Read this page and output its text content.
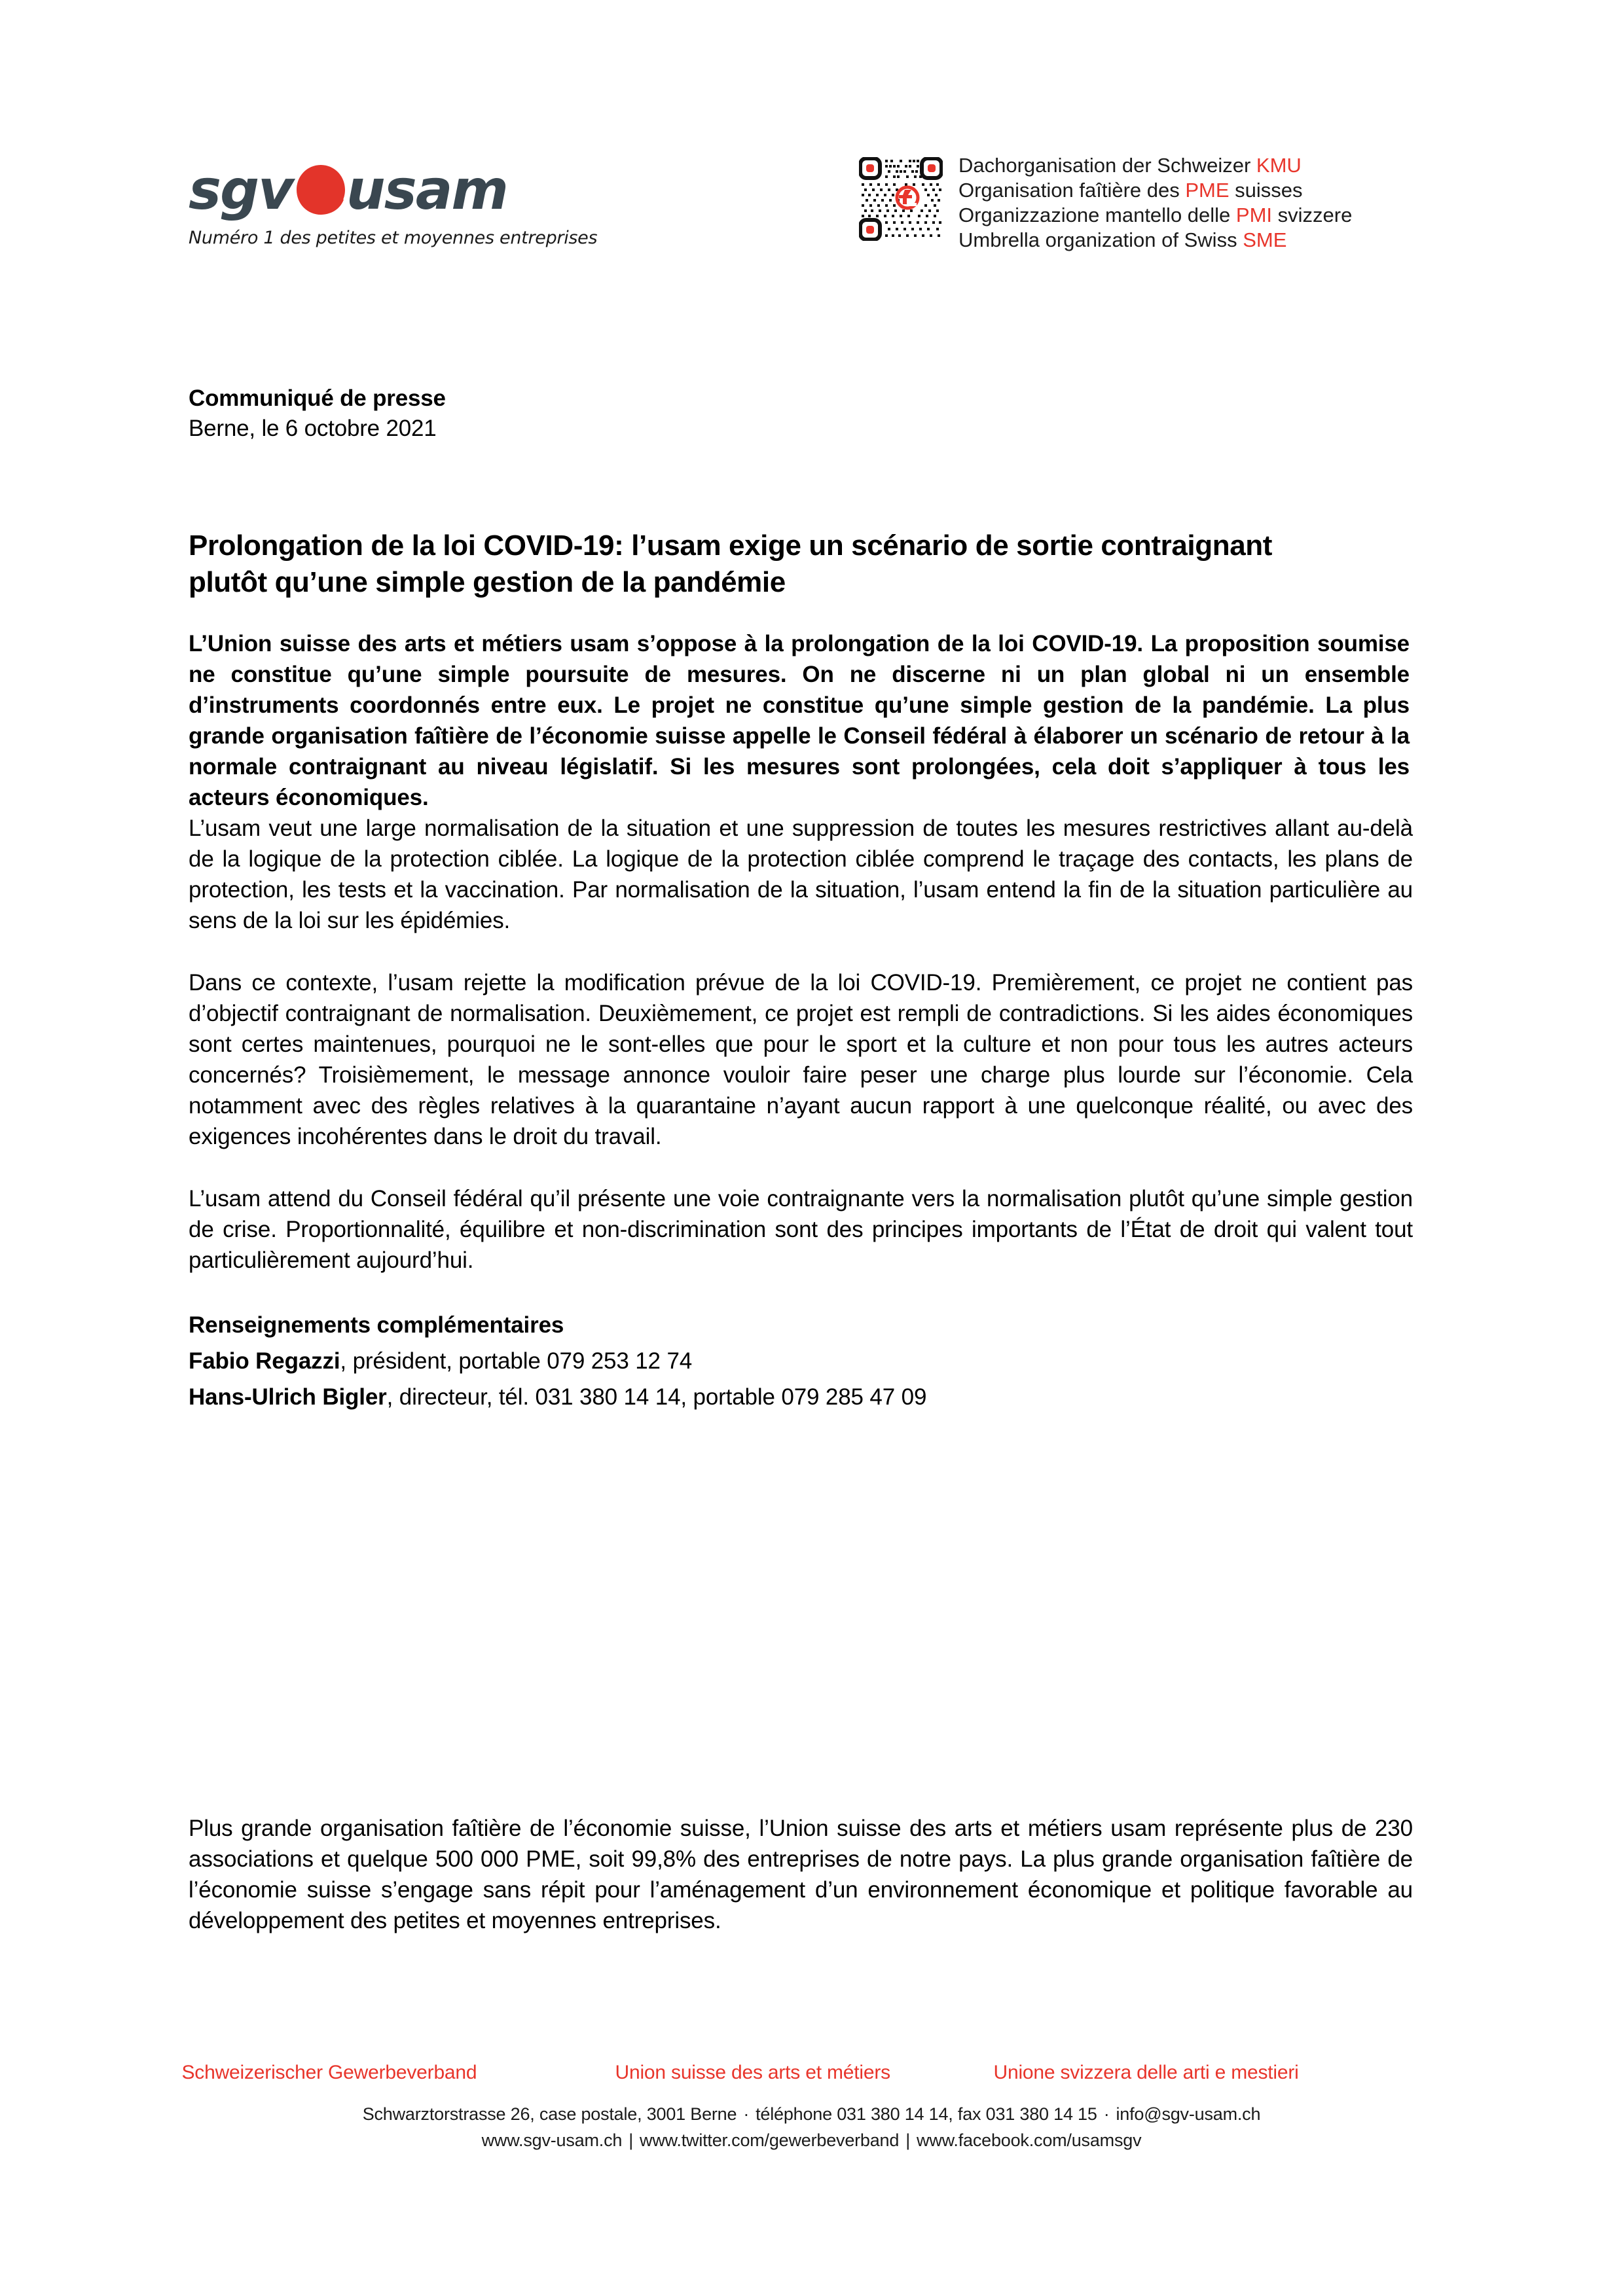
sgv usam
Numéro 1 des petites et moyennes entreprises
Dachorganisation der Schweizer KMU
Organisation faîtière des PME suisses
Organizzazione mantello delle PMI svizzere
Umbrella organization of Swiss SME
Communiqué de presse
Berne, le 6 octobre 2021
Prolongation de la loi COVID-19: l’usam exige un scénario de sortie contraignant plutôt qu’une simple gestion de la pandémie
L’Union suisse des arts et métiers usam s’oppose à la prolongation de la loi COVID-19. La proposition soumise ne constitue qu’une simple poursuite de mesures. On ne discerne ni un plan global ni un ensemble d’instruments coordonnés entre eux. Le projet ne constitue qu’une simple gestion de la pandémie. La plus grande organisation faîtière de l’économie suisse appelle le Conseil fédéral à élaborer un scénario de retour à la normale contraignant au niveau législatif. Si les mesures sont prolongées, cela doit s’appliquer à tous les acteurs économiques.

L’usam veut une large normalisation de la situation et une suppression de toutes les mesures restrictives allant au-delà de la logique de la protection ciblée. La logique de la protection ciblée comprend le traçage des contacts, les plans de protection, les tests et la vaccination. Par normalisation de la situation, l’usam entend la fin de la situation particulière au sens de la loi sur les épidémies.

Dans ce contexte, l’usam rejette la modification prévue de la loi COVID-19. Premièrement, ce projet ne contient pas d’objectif contraignant de normalisation. Deuxièmement, ce projet est rempli de contradictions. Si les aides économiques sont certes maintenues, pourquoi ne le sont-elles que pour le sport et la culture et non pour tous les autres acteurs concernés? Troisièmement, le message annonce vouloir faire peser une charge plus lourde sur l’économie. Cela notamment avec des règles relatives à la quarantaine n’ayant aucun rapport à une quelconque réalité, ou avec des exigences incohérentes dans le droit du travail.

L’usam attend du Conseil fédéral qu’il présente une voie contraignante vers la normalisation plutôt qu’une simple gestion de crise. Proportionnalité, équilibre et non-discrimination sont des principes importants de l’État de droit qui valent tout particulièrement aujourd’hui.

Renseignements complémentaires
Fabio Regazzi, président, portable 079 253 12 74
Hans-Ulrich Bigler, directeur, tél. 031 380 14 14, portable 079 285 47 09
Plus grande organisation faîtière de l’économie suisse, l’Union suisse des arts et métiers usam représente plus de 230 associations et quelque 500 000 PME, soit 99,8% des entreprises de notre pays. La plus grande organisation faîtière de l’économie suisse s’engage sans répit pour l’aménagement d’un environnement économique et politique favorable au développement des petites et moyennes entreprises.
Schweizerischer Gewerbeverband	Union suisse des arts et métiers	Unione svizzera delle arti e mestieri
Schwarztorstrasse 26, case postale, 3001 Berne · téléphone 031 380 14 14, fax 031 380 14 15 · info@sgv-usam.ch
www.sgv-usam.ch | www.twitter.com/gewerbeverband | www.facebook.com/usamsgv
